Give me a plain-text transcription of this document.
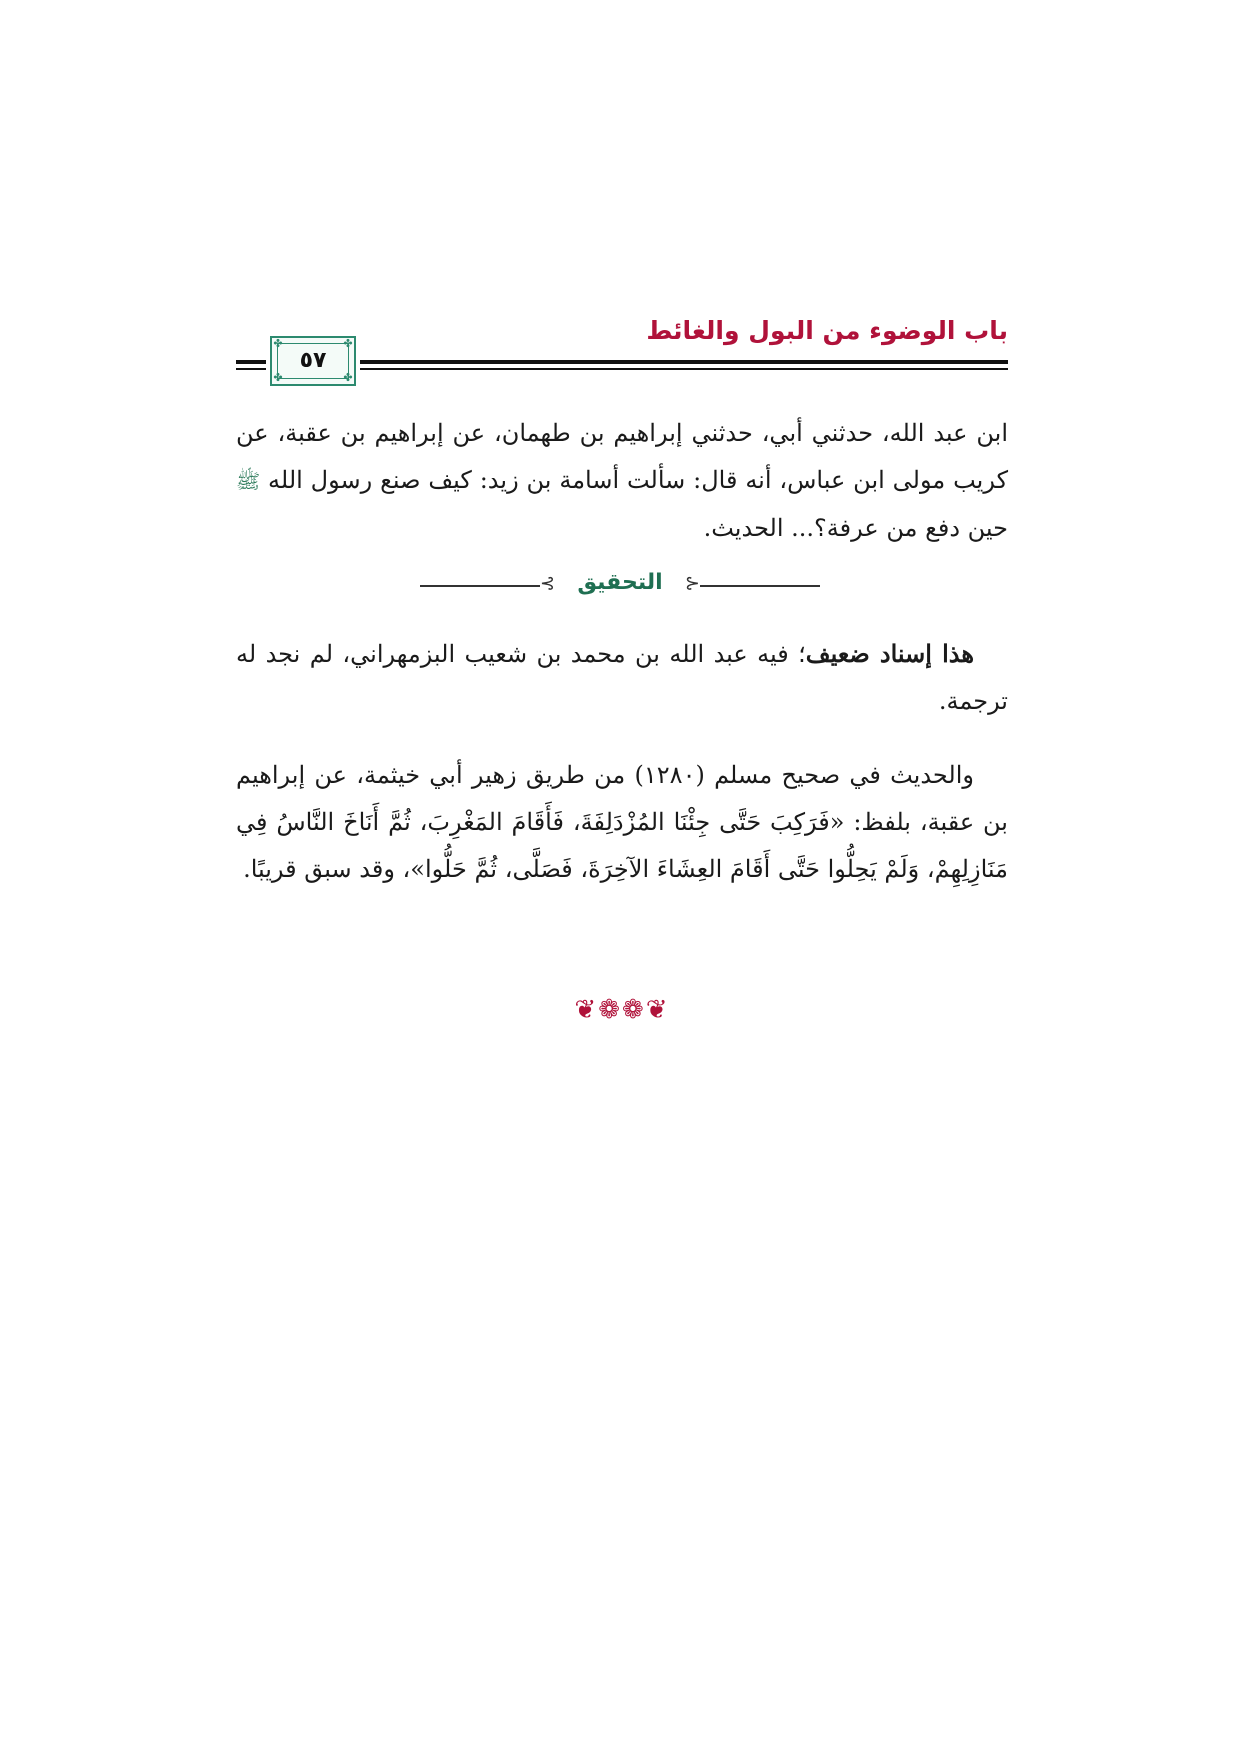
باب الوضوء من البول والغائط
✤	✤
✤	✤
٥٧
ابن عبد الله، حدثني أبي، حدثني إبراهيم بن طهمان، عن إبراهيم بن عقبة، عن كريب مولى ابن عباس، أنه قال: سألت أسامة بن زيد: كيف صنع رسول الله ﷺ حين دفع من عرفة؟... الحديث.
⊰	التحقيق	⊱
هذا إسناد ضعيف؛ فيه عبد الله بن محمد بن شعيب البزمهراني، لم نجد له ترجمة.
والحديث في صحيح مسلم (١٢٨٠) من طريق زهير أبي خيثمة، عن إبراهيم بن عقبة، بلفظ: «فَرَكِبَ حَتَّى جِئْنَا المُزْدَلِفَةَ، فَأَقَامَ المَغْرِبَ، ثُمَّ أَنَاخَ النَّاسُ فِي مَنَازِلِهِمْ، وَلَمْ يَحِلُّوا حَتَّى أَقَامَ العِشَاءَ الآخِرَةَ، فَصَلَّى، ثُمَّ حَلُّوا»، وقد سبق قريبًا.
❦❁❁❦
